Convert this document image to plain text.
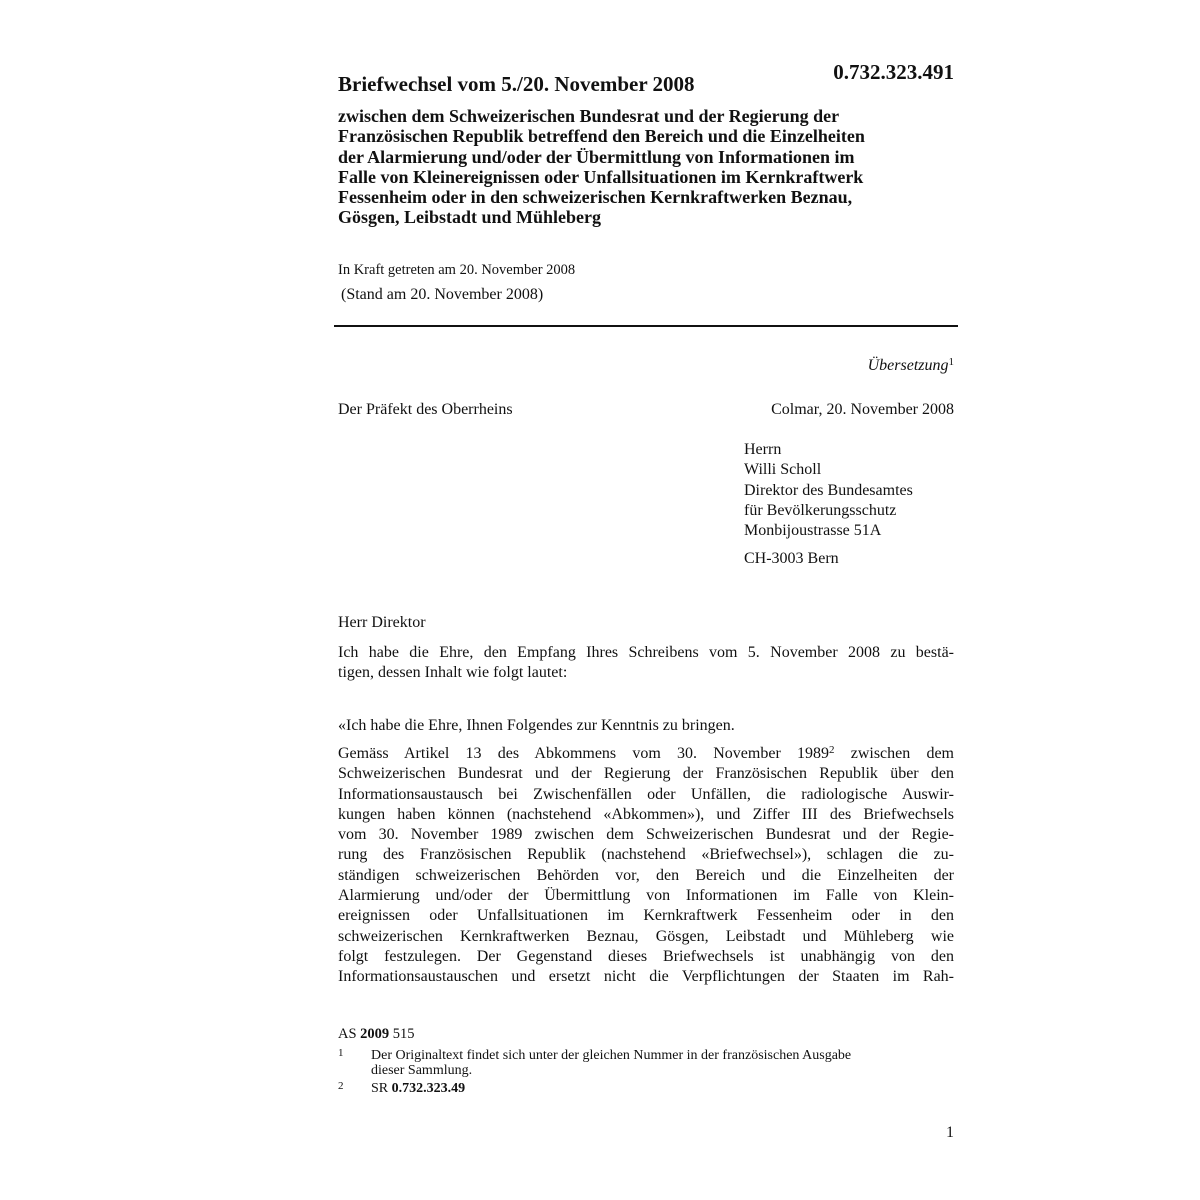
0.732.323.491
Briefwechsel vom 5./20. November 2008
zwischen dem Schweizerischen Bundesrat und der Regierung der
Französischen Republik betreffend den Bereich und die Einzelheiten
der Alarmierung und/oder der Übermittlung von Informationen im
Falle von Kleinereignissen oder Unfallsituationen im Kernkraftwerk
Fessenheim oder in den schweizerischen Kernkraftwerken Beznau,
Gösgen, Leibstadt und Mühleberg
In Kraft getreten am 20. November 2008
(Stand am 20. November 2008)
Übersetzung$^1$
Der Präfekt des Oberrheins	Colmar, 20. November 2008
Herrn
Willi Scholl
Direktor des Bundesamtes
für Bevölkerungsschutz
Monbijoustrasse 51A
CH-3003 Bern
Herr Direktor
Ich habe die Ehre, den Empfang Ihres Schreibens vom 5. November 2008 zu bestä-
tigen, dessen Inhalt wie folgt lautet:
«Ich habe die Ehre, Ihnen Folgendes zur Kenntnis zu bringen.
Gemäss Artikel 13 des Abkommens vom 30. November 1989$^2$ zwischen dem
Schweizerischen Bundesrat und der Regierung der Französischen Republik über den
Informationsaustausch bei Zwischenfällen oder Unfällen, die radiologische Auswir-
kungen haben können (nachstehend «Abkommen»), und Ziffer III des Briefwechsels
vom 30. November 1989 zwischen dem Schweizerischen Bundesrat und der Regie-
rung des Französischen Republik (nachstehend «Briefwechsel»), schlagen die zu-
ständigen schweizerischen Behörden vor, den Bereich und die Einzelheiten der
Alarmierung und/oder der Übermittlung von Informationen im Falle von Klein-
ereignissen oder Unfallsituationen im Kernkraftwerk Fessenheim oder in den
schweizerischen Kernkraftwerken Beznau, Gösgen, Leibstadt und Mühleberg wie
folgt festzulegen. Der Gegenstand dieses Briefwechsels ist unabhängig von den
Informationsaustauschen und ersetzt nicht die Verpflichtungen der Staaten im Rah-
AS 2009 515
1 Der Originaltext findet sich unter der gleichen Nummer in der französischen Ausgabe
dieser Sammlung.
2 SR 0.732.323.49
1
